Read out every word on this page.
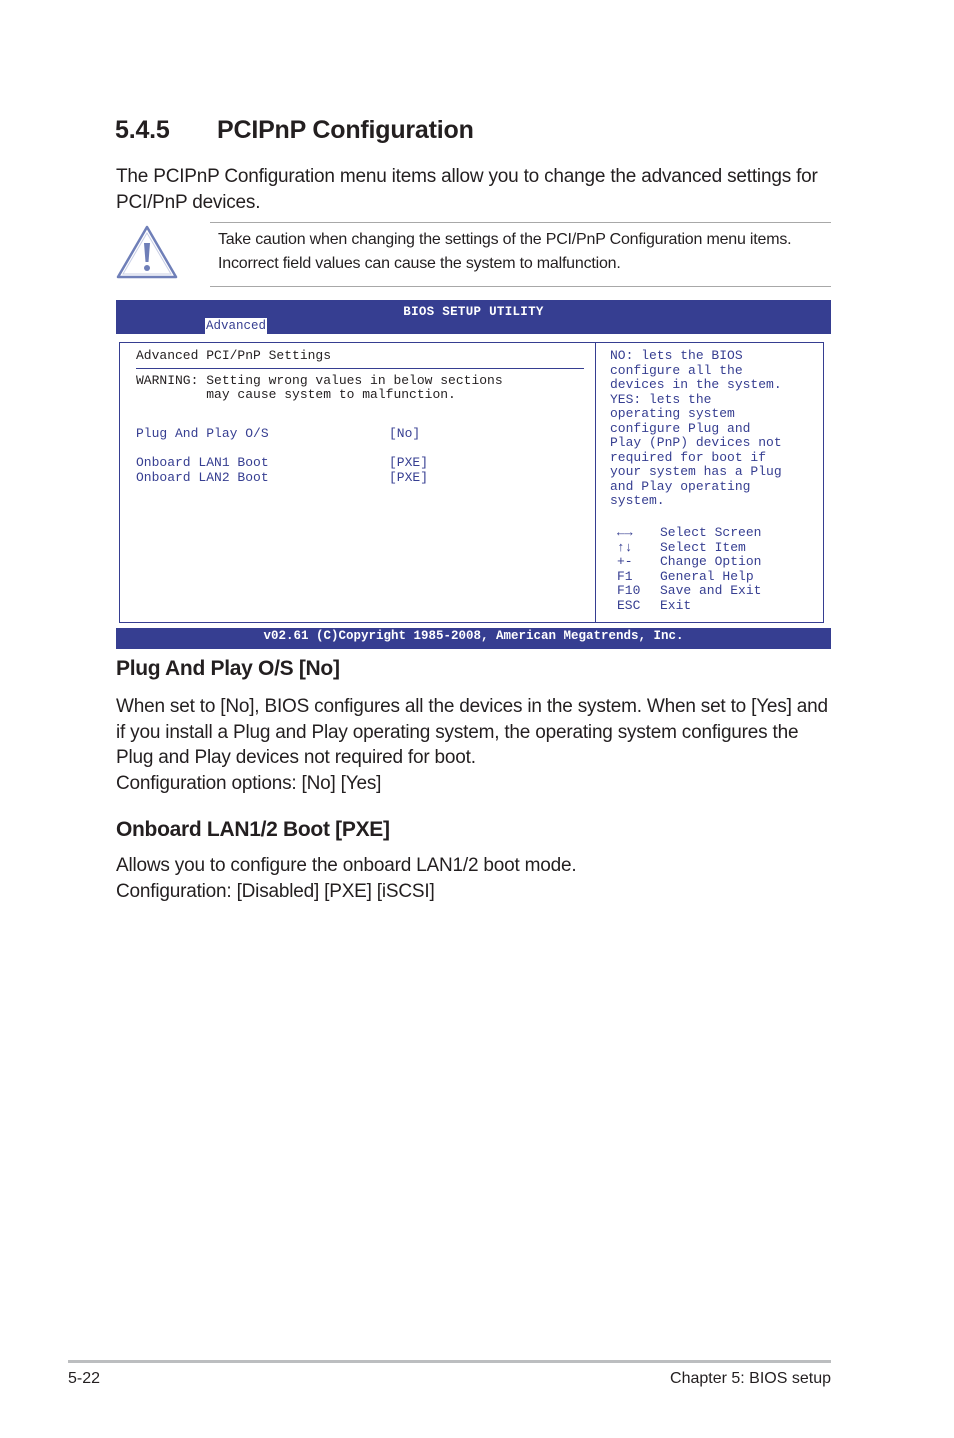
5.4.5 PCIPnP Configuration
The PCIPnP Configuration menu items allow you to change the advanced settings for PCI/PnP devices.
Take caution when changing the settings of the PCI/PnP Configuration menu items. Incorrect field values can cause the system to malfunction.
BIOS SETUP UTILITY
Advanced
Advanced PCI/PnP Settings
WARNING: Setting wrong values in below sections
may cause system to malfunction.
Plug And Play O/S	[No]
Onboard LAN1 Boot	[PXE]
Onboard LAN2 Boot	[PXE]
NO: lets the BIOS
configure all the
devices in the system.
YES: lets the
operating system
configure Plug and
Play (PnP) devices not
required for boot if
your system has a Plug
and Play operating
system.
←→	Select Screen
↑↓	Select Item
+-	Change Option
F1	General Help
F10	Save and Exit
ESC	Exit
v02.61 (C)Copyright 1985-2008, American Megatrends, Inc.
Plug And Play O/S [No]
When set to [No], BIOS configures all the devices in the system. When set to [Yes] and if you install a Plug and Play operating system, the operating system configures the Plug and Play devices not required for boot.
Configuration options: [No] [Yes]
Onboard LAN1/2 Boot [PXE]
Allows you to configure the onboard LAN1/2 boot mode.
Configuration: [Disabled] [PXE] [iSCSI]
5-22	Chapter 5: BIOS setup
